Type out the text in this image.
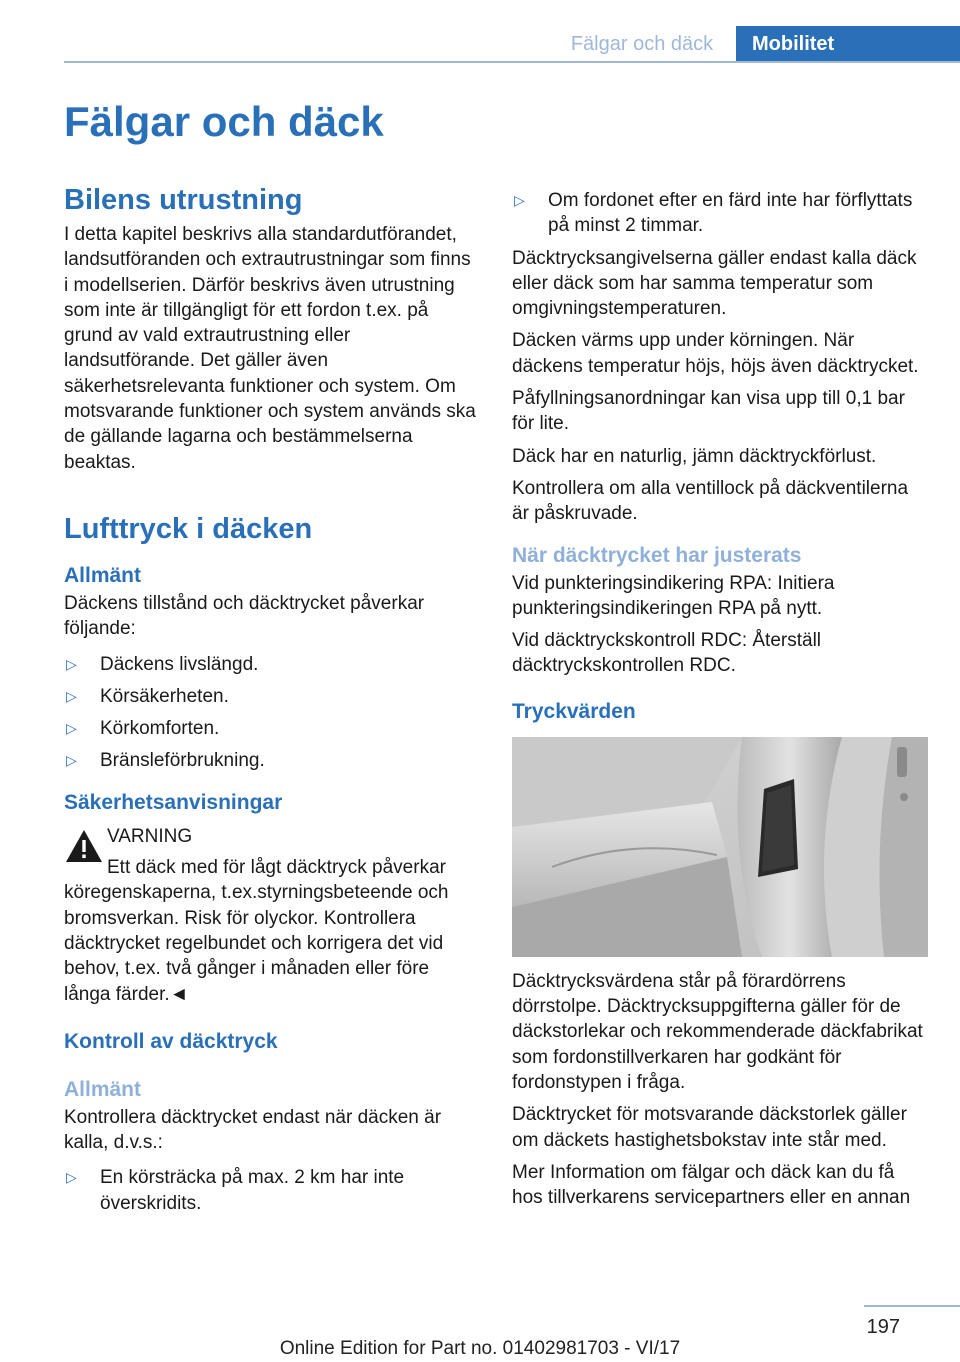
Fälgar och däck	Mobilitet
Fälgar och däck
Bilens utrustning

I detta kapitel beskrivs alla standardutförandet, landsutföranden och extrautrustningar som finns i modellserien. Därför beskrivs även utrustning som inte är tillgängligt för ett fordon t.ex. på grund av vald extrautrustning eller landsutförande. Det gäller även säkerhetsrelevanta funktioner och system. Om motsvarande funktioner och system används ska de gällande lagarna och bestämmelserna beaktas.

Lufttryck i däcken
Allmänt

Däckens tillstånd och däcktrycket påverkar följande:

▷	Däckens livslängd.
▷	Körsäkerheten.
▷	Körkomforten.
▷	Bränsleförbrukning.
Säkerhetsanvisningar
VARNING
Ett däck med för lågt däcktryck påverkar köregenskaperna, t.ex.styrningsbeteende och bromsverkan. Risk för olyckor. Kontrollera däcktrycket regelbundet och korrigera det vid behov, t.ex. två gånger i månaden eller före långa färder.◄
Kontroll av däcktryck
Allmänt

Kontrollera däcktrycket endast när däcken är kalla, d.v.s.:

▷	En körsträcka på max. 2 km har inte överskridits.
▷	Om fordonet efter en färd inte har förflyttats på minst 2 timmar.

Däcktrycksangivelserna gäller endast kalla däck eller däck som har samma temperatur som omgivningstemperaturen.

Däcken värms upp under körningen. När däckens temperatur höjs, höjs även däcktrycket.

Påfyllningsanordningar kan visa upp till 0,1 bar för lite.

Däck har en naturlig, jämn däcktryckförlust.

Kontrollera om alla ventillock på däckventilerna är påskruvade.

När däcktrycket har justerats

Vid punkteringsindikering RPA: Initiera punkteringsindikeringen RPA på nytt.

Vid däcktryckskontroll RDC: Återställ däcktryckskontrollen RDC.

Tryckvärden

Däcktrycksvärdena står på förardörrens dörrstolpe. Däcktrycksuppgifterna gäller för de däckstorlekar och rekommenderade däckfabrikat som fordonstillverkaren har godkänt för fordonstypen i fråga.

Däcktrycket för motsvarande däckstorlek gäller om däckets hastighetsbokstav inte står med.

Mer Information om fälgar och däck kan du få hos tillverkarens servicepartners eller en annan

197
Online Edition for Part no. 01402981703 - VI/17
